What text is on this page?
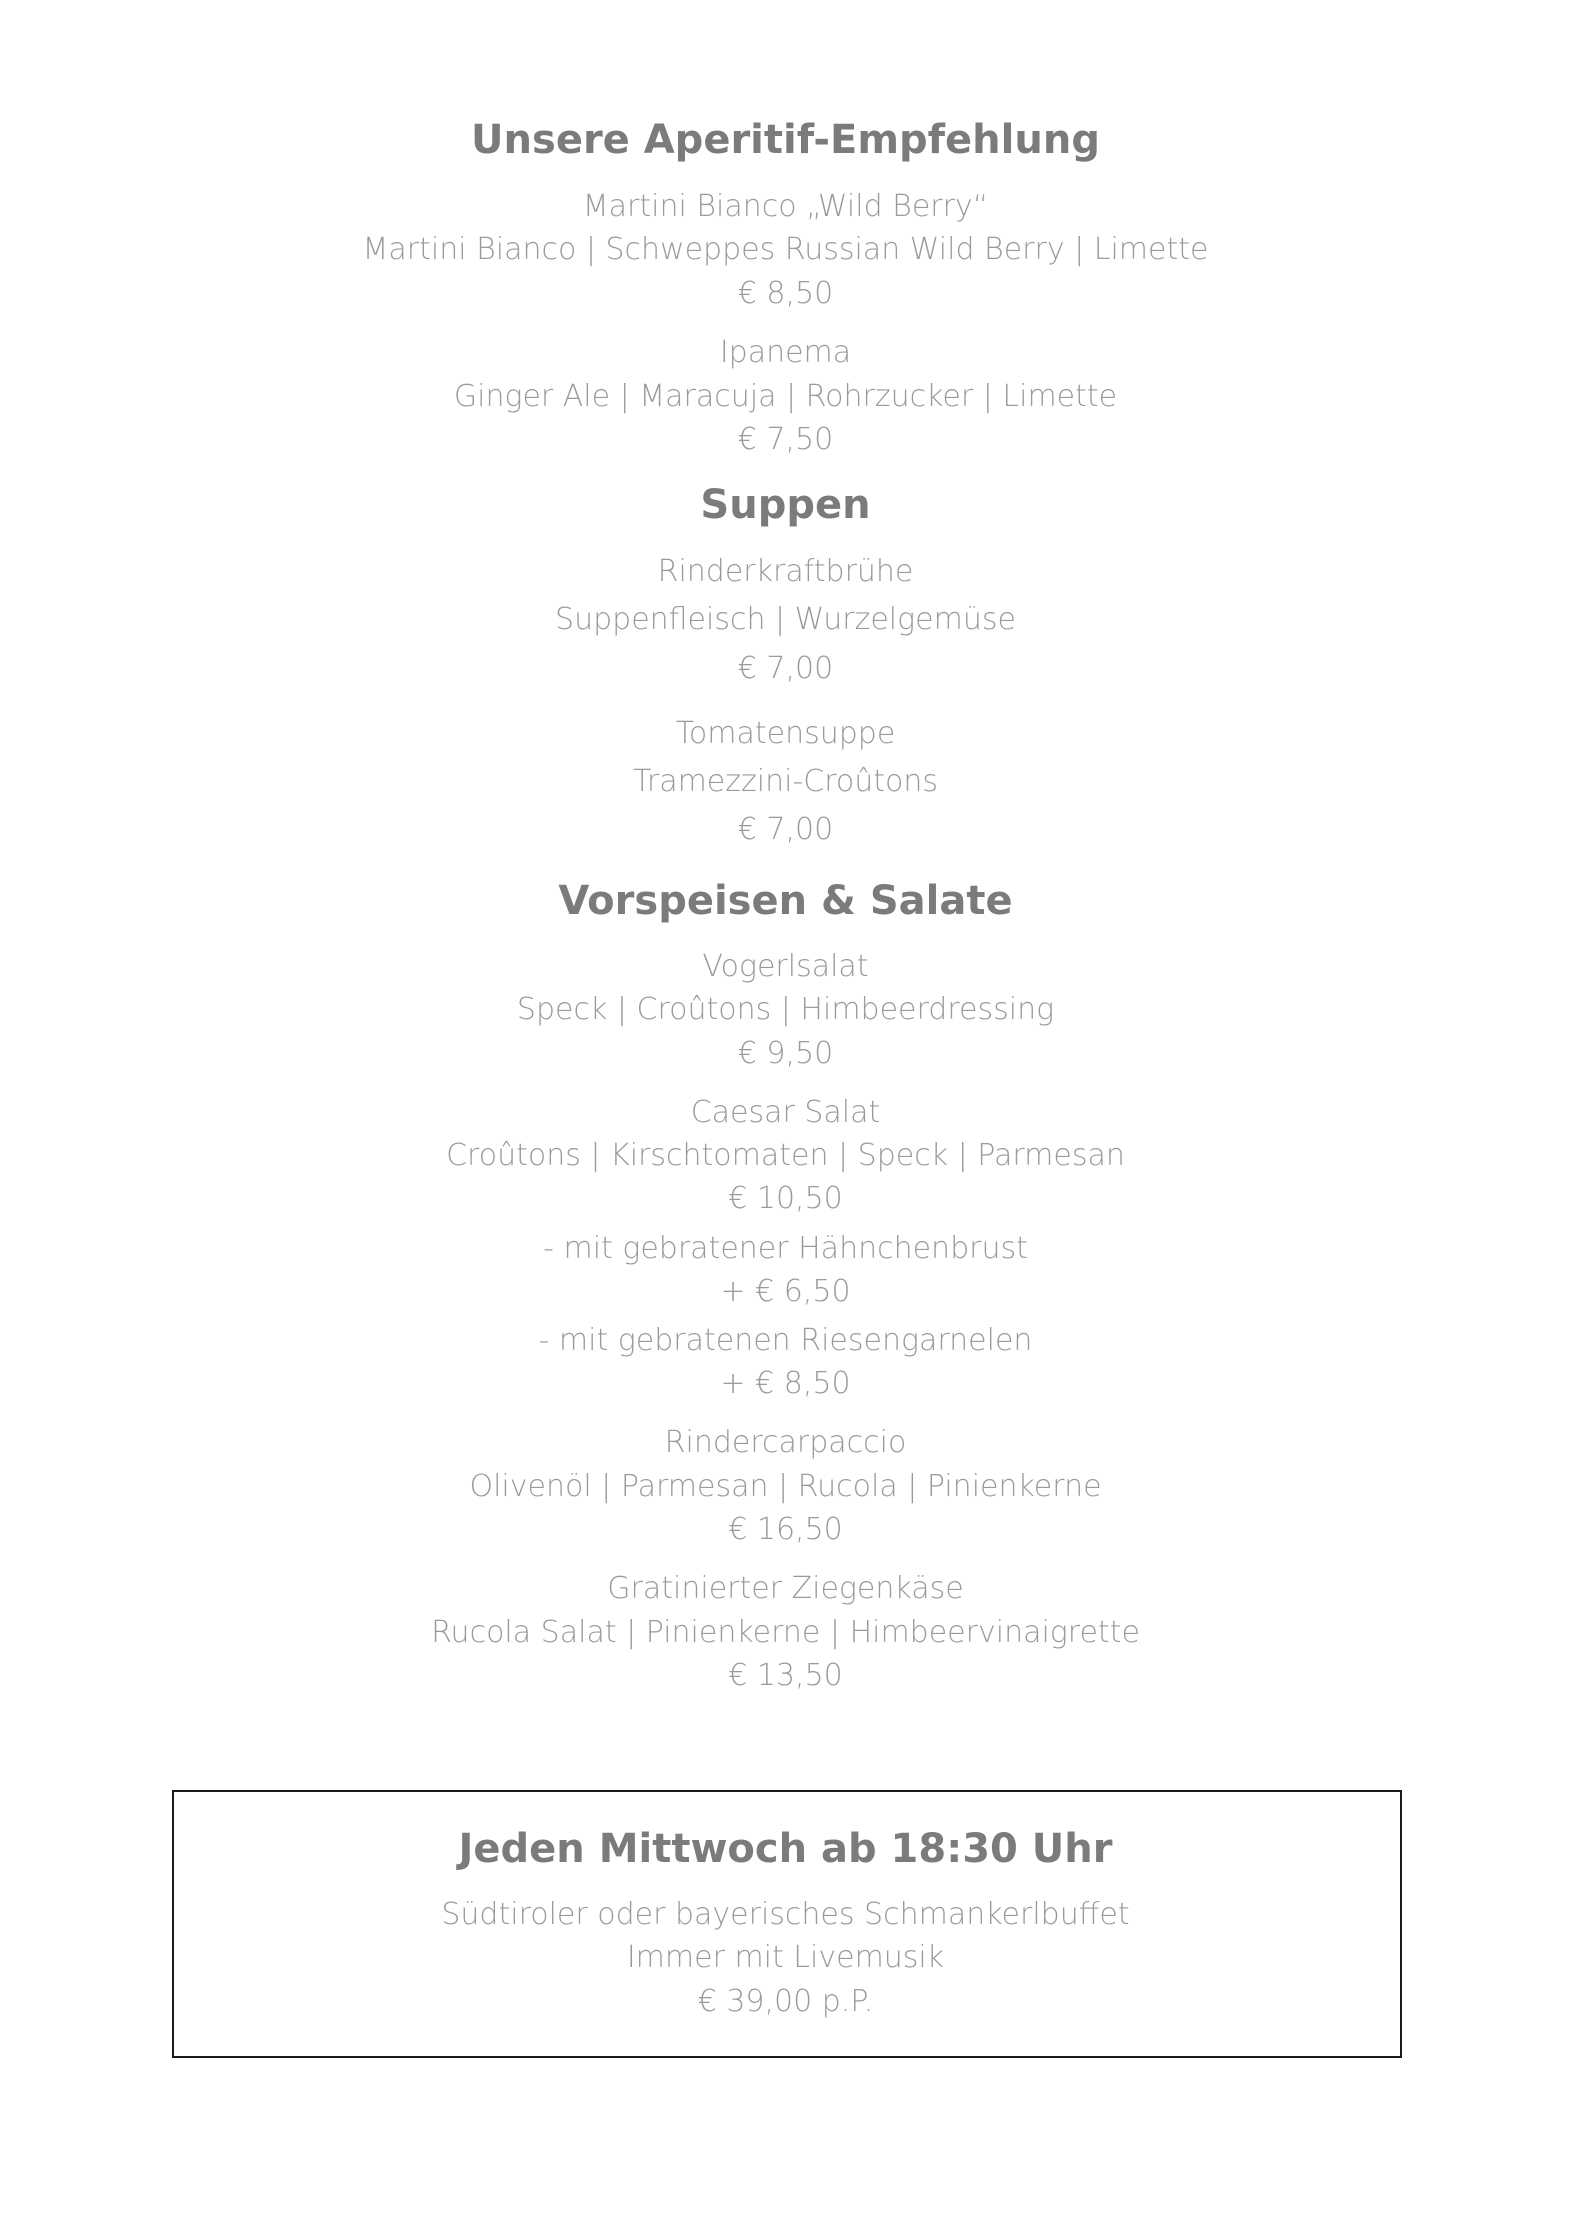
Unsere Aperitif-Empfehlung
Martini Bianco „Wild Berry“
Martini Bianco | Schweppes Russian Wild Berry | Limette
€ 8,50
Ipanema
Ginger Ale | Maracuja | Rohrzucker | Limette
€ 7,50
Suppen
Rinderkraftbrühe
Suppenfleisch | Wurzelgemüse
€ 7,00
Tomatensuppe
Tramezzini-Croûtons
€ 7,00
Vorspeisen & Salate
Vogerlsalat
Speck | Croûtons | Himbeerdressing
€ 9,50
Caesar Salat
Croûtons | Kirschtomaten | Speck | Parmesan
€ 10,50
- mit gebratener Hähnchenbrust
+ € 6,50
- mit gebratenen Riesengarnelen
+ € 8,50
Rindercarpaccio
Olivenöl | Parmesan | Rucola | Pinienkerne
€ 16,50
Gratinierter Ziegenkäse
Rucola Salat | Pinienkerne | Himbeervinaigrette
€ 13,50
Jeden Mittwoch ab 18:30 Uhr
Südtiroler oder bayerisches Schmankerlbuffet
Immer mit Livemusik
€ 39,00 p.P.
